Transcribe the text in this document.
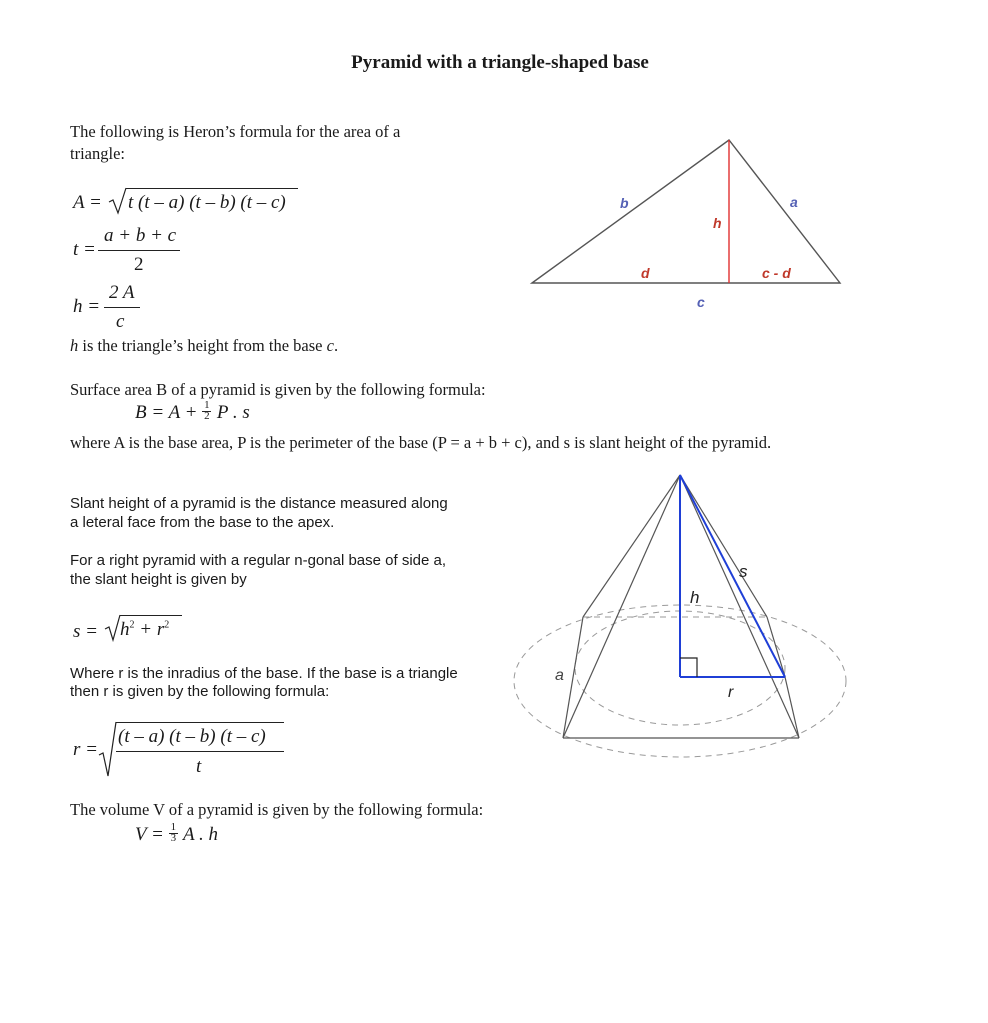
Pyramid with a triangle-shaped base
The following is Heron’s formula for the area of a
triangle:
A = t (t – a) (t – b) (t – c)
t =
a + b + c
2
h =
2 A
c
h is the triangle’s height from the base c.
b	a
h
d	c - d
c
Surface area B of a pyramid is given by the following formula:
$B = A + \frac{1}{2}$ P . s
where A is the base area, P is the perimeter of the base (P = a + b + c), and s is slant height of the pyramid.
Slant height of a pyramid is the distance measured along
a leteral face from the base to the apex.
For a right pyramid with a regular n-gonal base of side a,
the slant height is given by
$s = h^2 + r^2$
Where r is the inradius of the base. If the base is a triangle
then r is given by the following formula:
r =
(t – a) (t – b) (t – c)
t
s
h
a
r
The volume V of a pyramid is given by the following formula:
$V = \frac{1}{3}$ A . h
